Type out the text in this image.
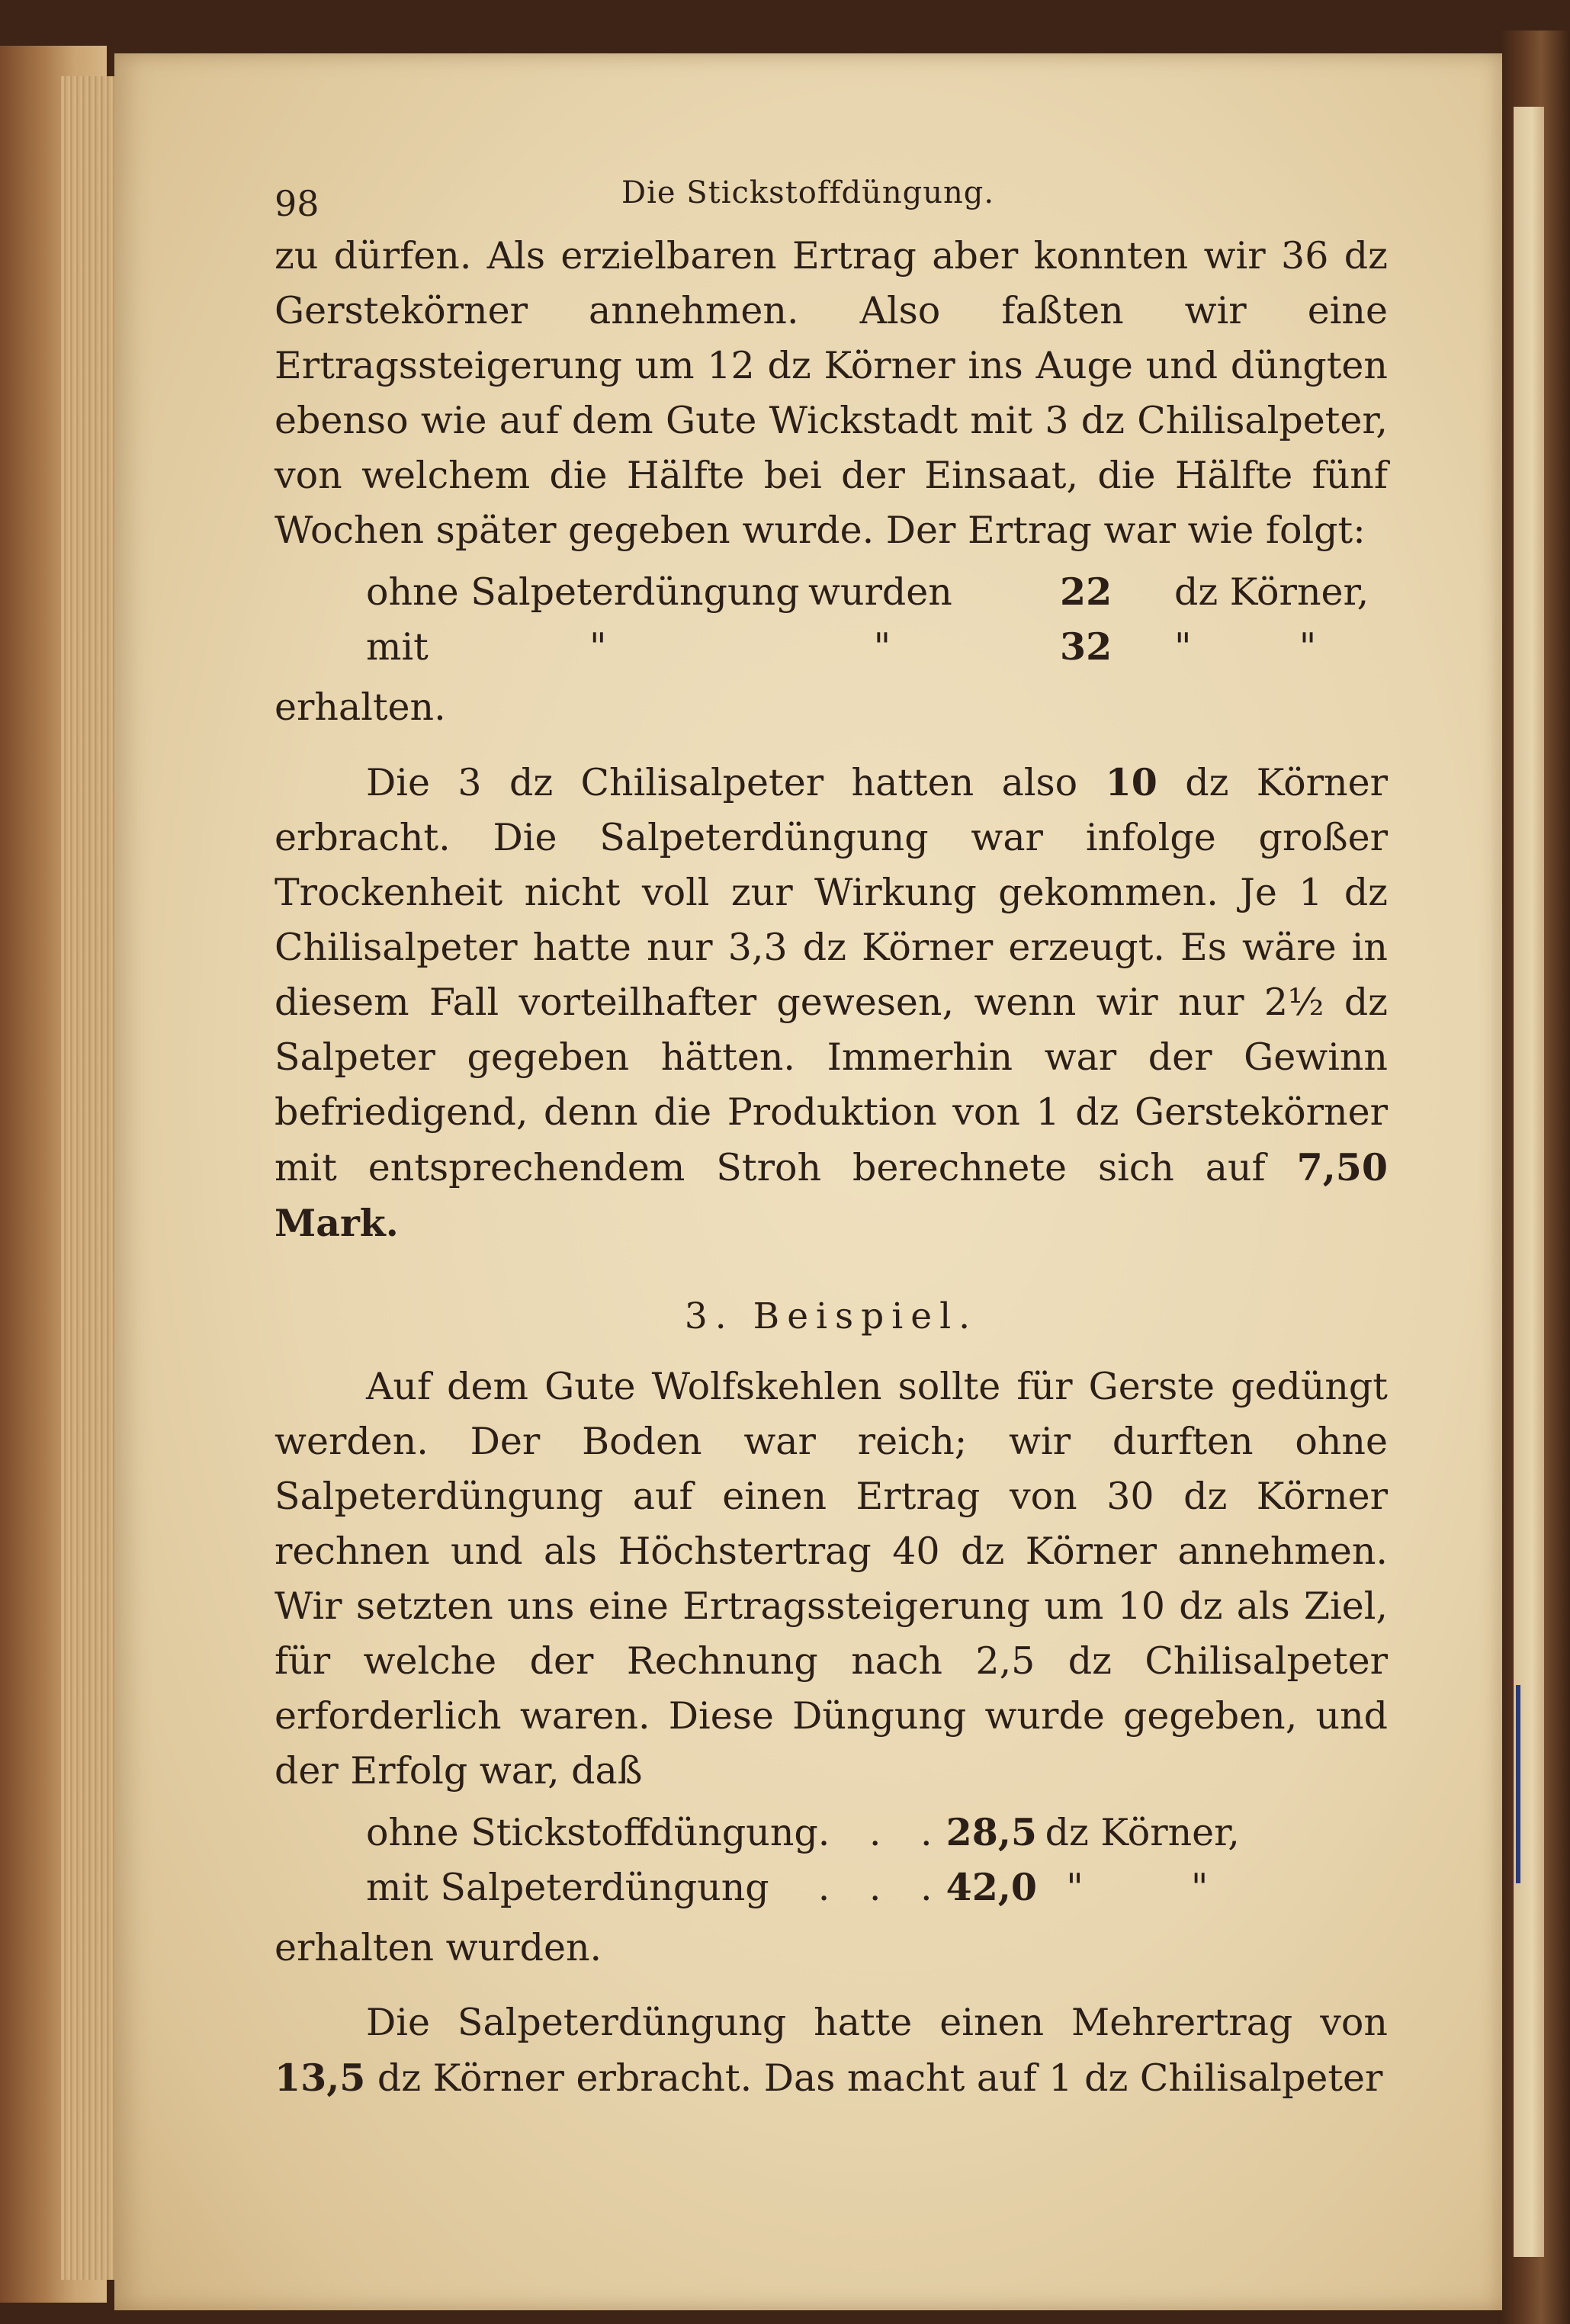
98	Die Stickstoffdüngung.

zu dürfen. Als erzielbaren Ertrag aber konnten wir 36 dz Gerstekörner annehmen. Also faßten wir eine Ertragssteigerung um 12 dz Körner ins Auge und düngten ebenso wie auf dem Gute Wickstadt mit 3 dz Chilisalpeter, von welchem die Hälfte bei der Einsaat, die Hälfte fünf Wochen später gegeben wurde. Der Ertrag war wie folgt:

ohne Salpeterdüngung	wurden	22	dz Körner,
mit "	"	32	" "

erhalten.

Die 3 dz Chilisalpeter hatten also 10 dz Körner erbracht. Die Salpeterdüngung war infolge großer Trockenheit nicht voll zur Wirkung gekommen. Je 1 dz Chilisalpeter hatte nur 3,3 dz Körner erzeugt. Es wäre in diesem Fall vorteilhafter gewesen, wenn wir nur 2½ dz Salpeter gegeben hätten. Immerhin war der Gewinn befriedigend, denn die Produktion von 1 dz Gerstekörner mit entsprechendem Stroh berechnete sich auf 7,50 Mark.

3. Beispiel.

Auf dem Gute Wolfskehlen sollte für Gerste gedüngt werden. Der Boden war reich; wir durften ohne Salpeterdüngung auf einen Ertrag von 30 dz Körner rechnen und als Höchstertrag 40 dz Körner annehmen. Wir setzten uns eine Ertragssteigerung um 10 dz als Ziel, für welche der Rechnung nach 2,5 dz Chilisalpeter erforderlich waren. Diese Düngung wurde gegeben, und der Erfolg war, daß

ohne Stickstoffdüngung	. . .	28,5	dz Körner,
mit Salpeterdüngung	. . .	42,0	" "

erhalten wurden.

Die Salpeterdüngung hatte einen Mehrertrag von 13,5 dz Körner erbracht. Das macht auf 1 dz Chilisalpeter
